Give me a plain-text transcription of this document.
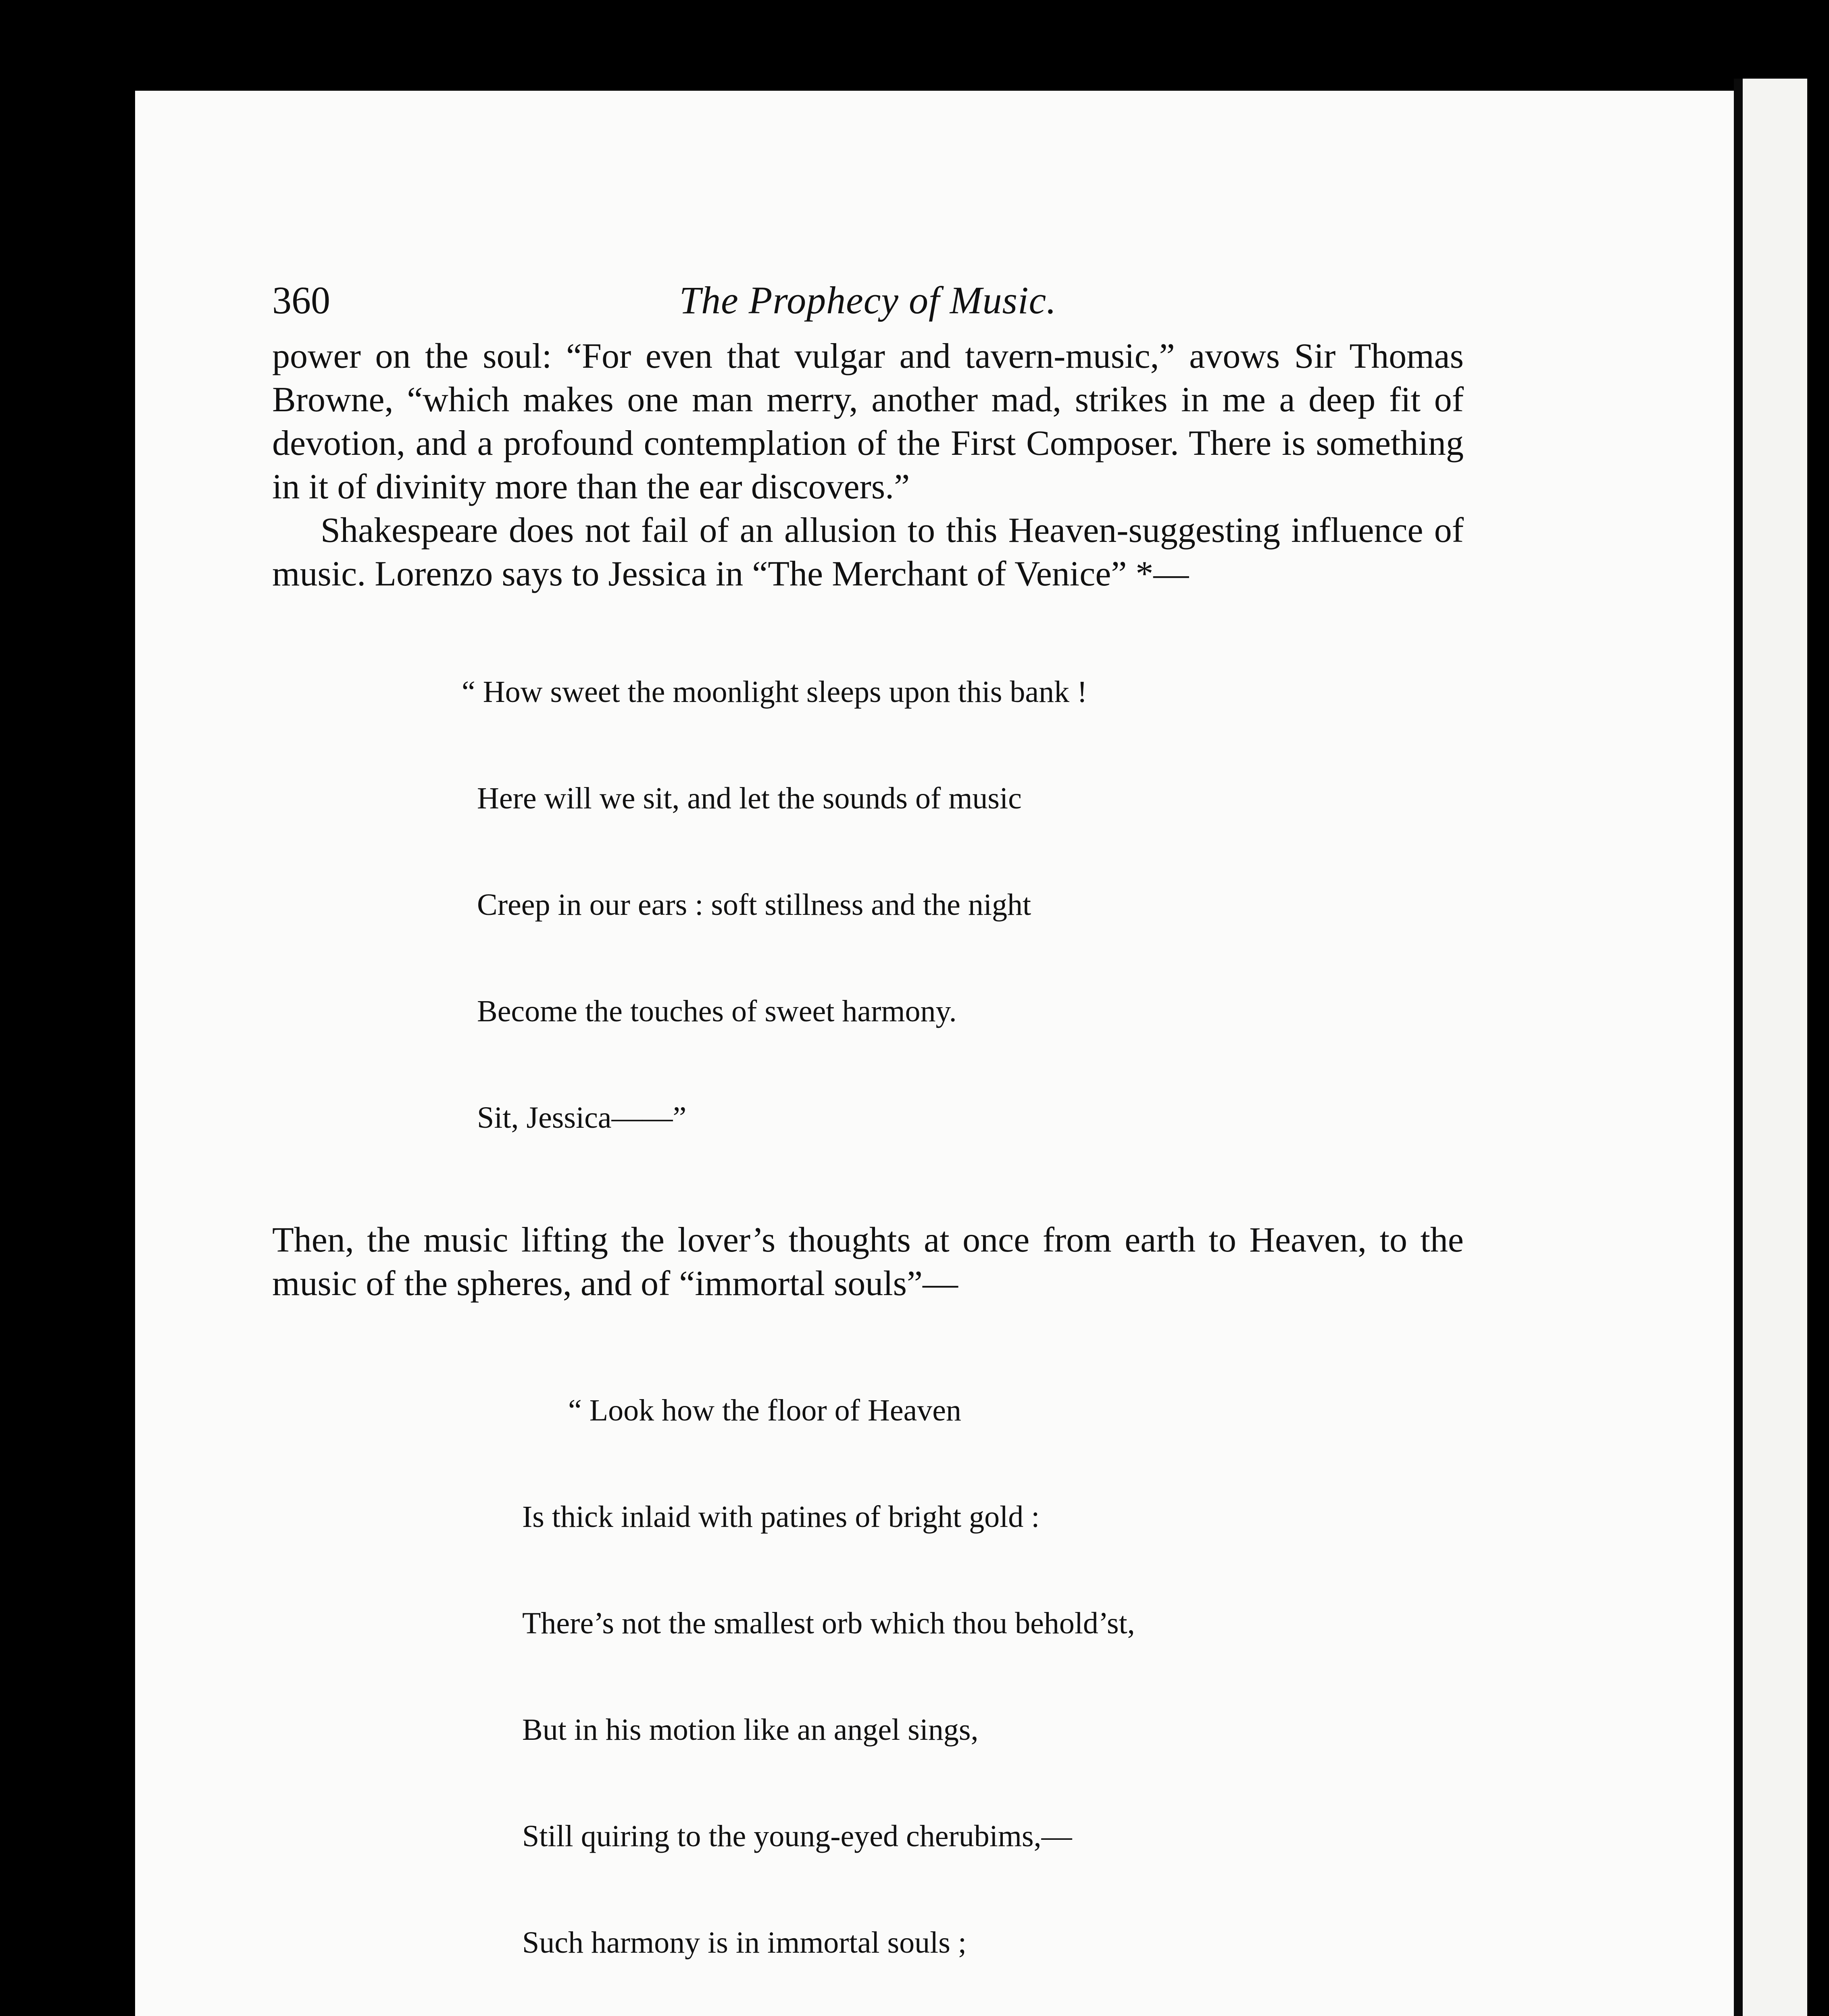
360	The Prophecy of Music.

power on the soul: “For even that vulgar and tavern-music,” avows Sir Thomas Browne, “which makes one man merry, another mad, strikes in me a deep fit of devotion, and a profound contemplation of the First Composer. There is something in it of divinity more than the ear discovers.”

Shakespeare does not fail of an allusion to this Heaven-suggesting influence of music. Lorenzo says to Jessica in “The Merchant of Venice” *—

“ How sweet the moonlight sleeps upon this bank !

Here will we sit, and let the sounds of music

Creep in our ears : soft stillness and the night

Become the touches of sweet harmony.

Sit, Jessica——”

Then, the music lifting the lover’s thoughts at once from earth to Heaven, to the music of the spheres, and of “immortal souls”—

“ Look how the floor of Heaven

Is thick inlaid with patines of bright gold :

There’s not the smallest orb which thou behold’st,

But in his motion like an angel sings,

Still quiring to the young-eyed cherubims,—

Such harmony is in immortal souls ;
